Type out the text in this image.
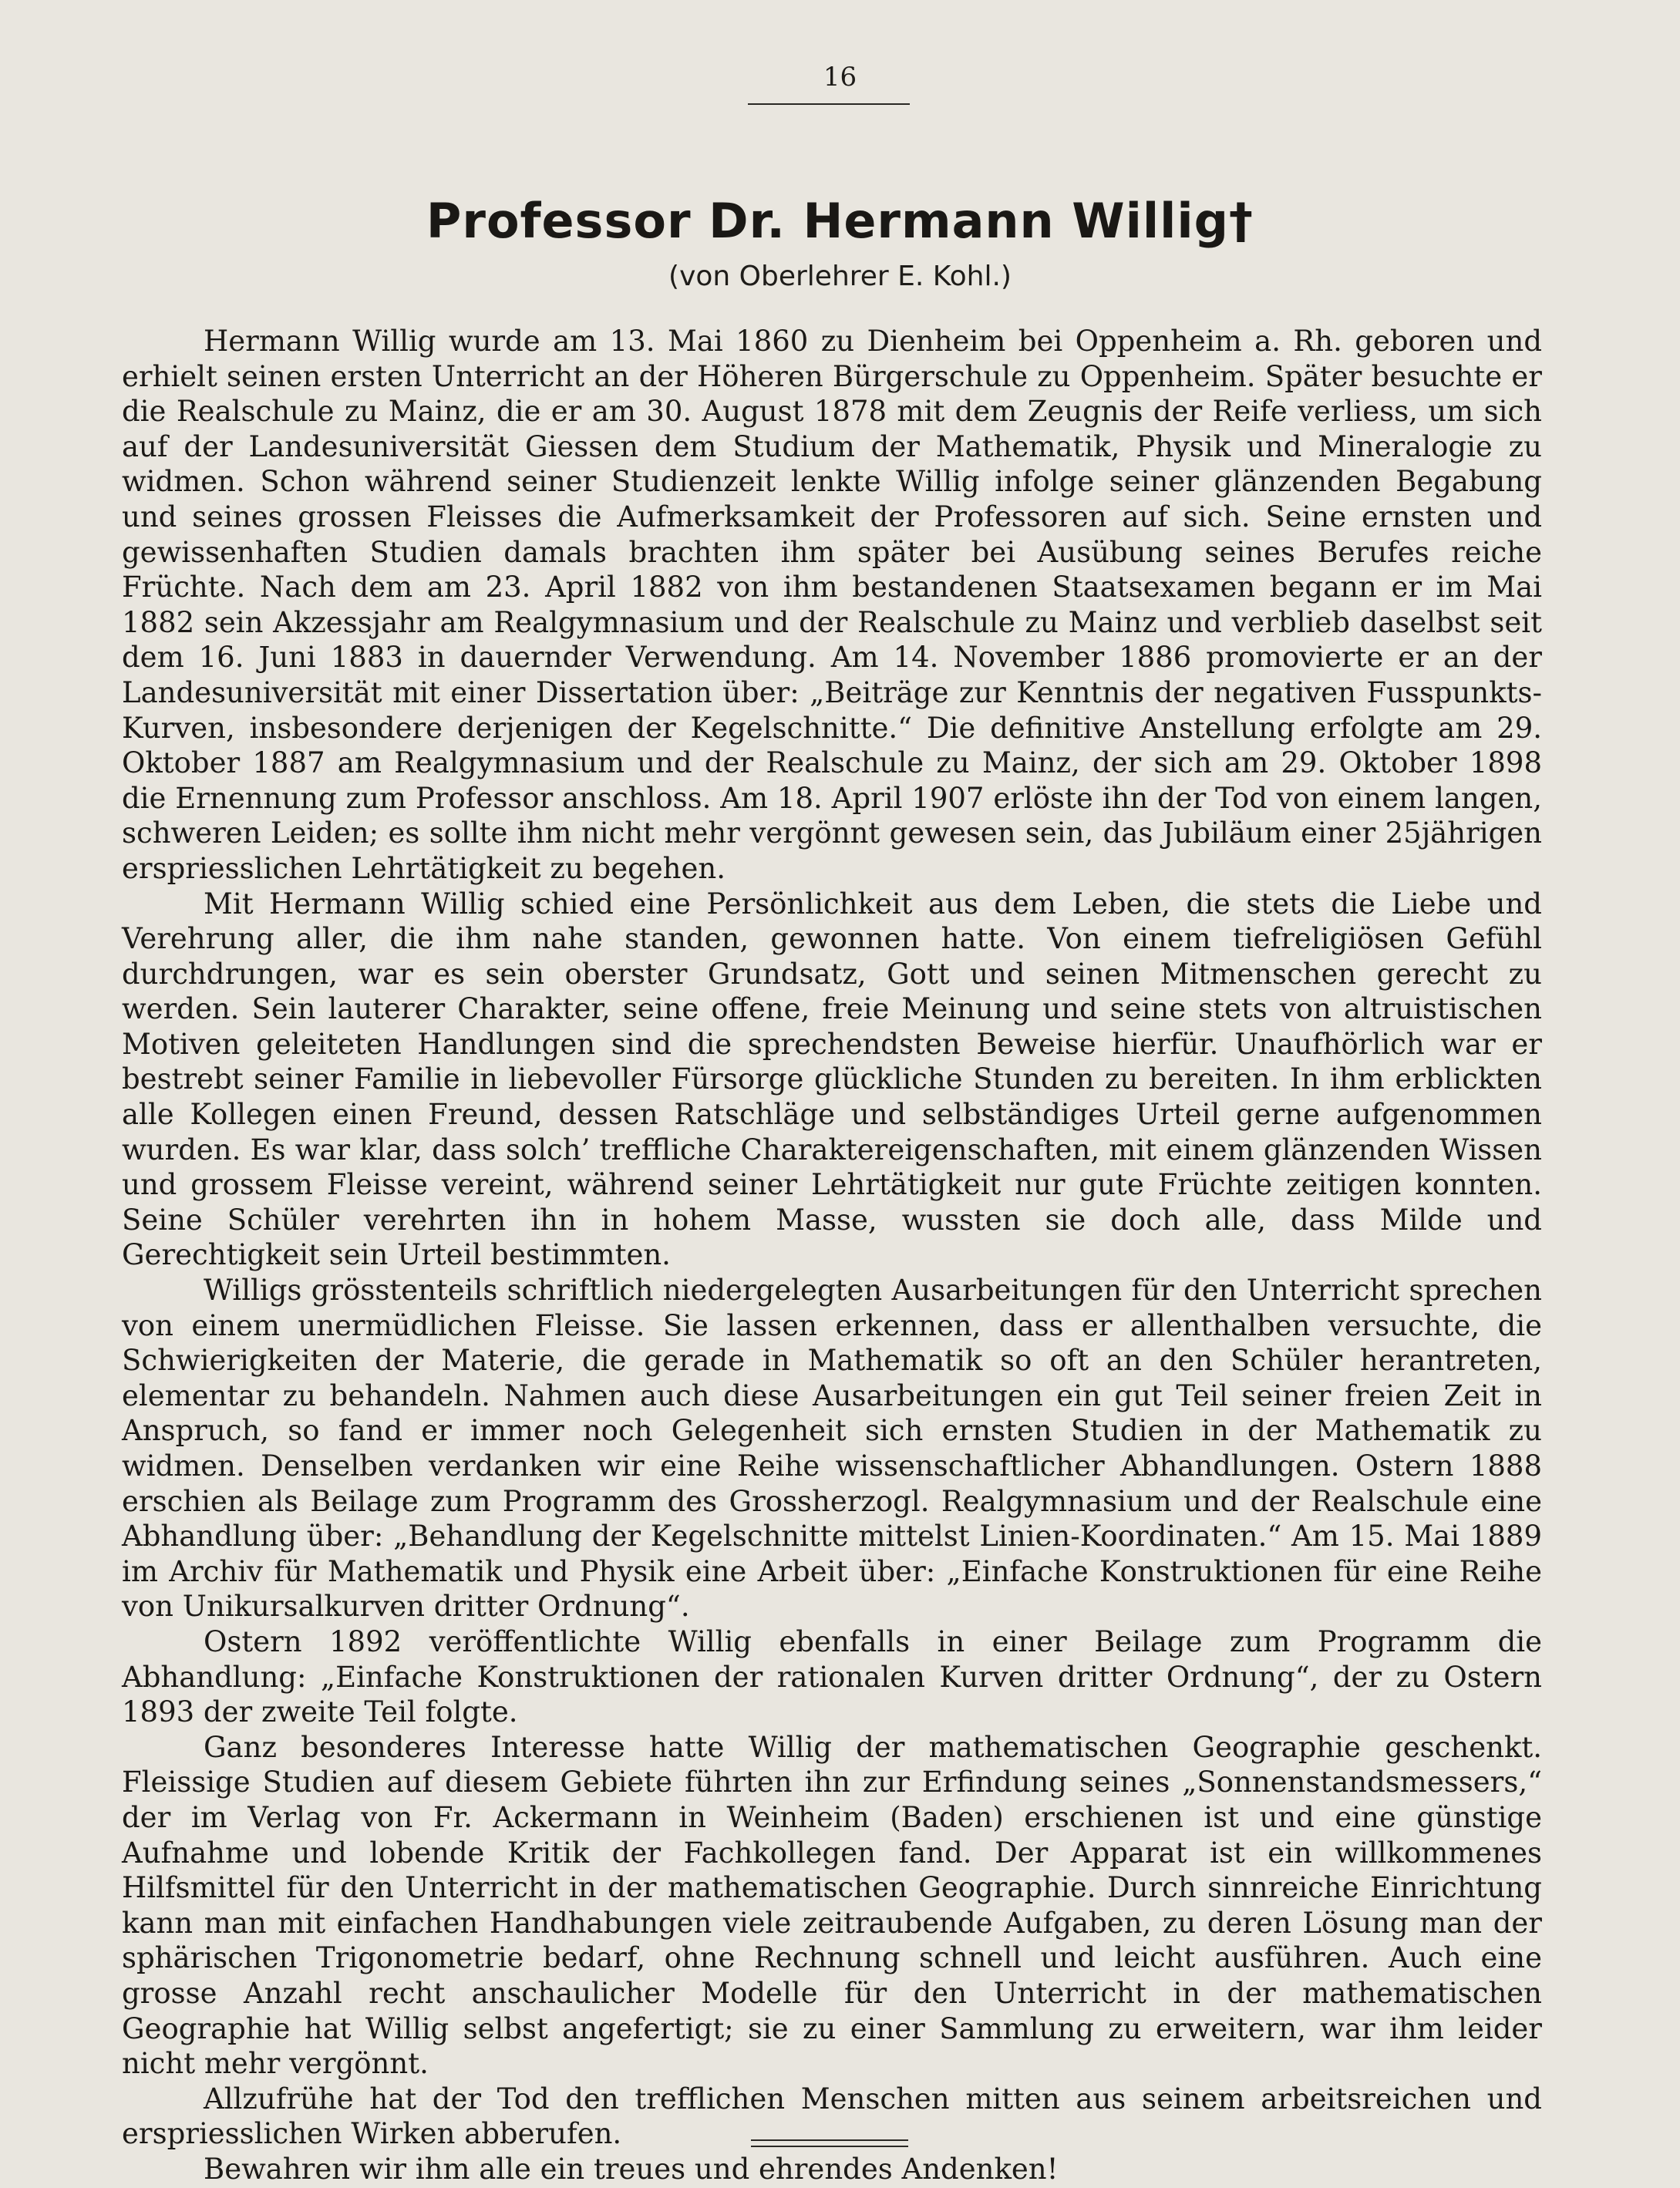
16
Professor Dr. Hermann Willig†
(von Oberlehrer E. Kohl.)

Hermann Willig wurde am 13. Mai 1860 zu Dienheim bei Oppenheim a. Rh. geboren und erhielt seinen ersten Unterricht an der Höheren Bürgerschule zu Oppenheim. Später besuchte er die Realschule zu Mainz, die er am 30. August 1878 mit dem Zeugnis der Reife verliess, um sich auf der Landesuniversität Giessen dem Studium der Mathematik, Physik und Mineralogie zu widmen. Schon während seiner Studienzeit lenkte Willig infolge seiner glänzenden Begabung und seines grossen Fleisses die Aufmerksamkeit der Professoren auf sich. Seine ernsten und gewissenhaften Studien damals brachten ihm später bei Ausübung seines Berufes reiche Früchte. Nach dem am 23. April 1882 von ihm bestandenen Staatsexamen begann er im Mai 1882 sein Akzessjahr am Realgymnasium und der Realschule zu Mainz und verblieb daselbst seit dem 16. Juni 1883 in dauernder Verwendung. Am 14. November 1886 promovierte er an der Landesuniversität mit einer Dissertation über: „Beiträge zur Kenntnis der negativen Fusspunkts-Kurven, insbesondere derjenigen der Kegelschnitte.“ Die definitive Anstellung erfolgte am 29. Oktober 1887 am Realgymnasium und der Realschule zu Mainz, der sich am 29. Oktober 1898 die Ernennung zum Professor anschloss. Am 18. April 1907 erlöste ihn der Tod von einem langen, schweren Leiden; es sollte ihm nicht mehr vergönnt gewesen sein, das Jubiläum einer 25jährigen erspriesslichen Lehrtätigkeit zu begehen.

Mit Hermann Willig schied eine Persönlichkeit aus dem Leben, die stets die Liebe und Verehrung aller, die ihm nahe standen, gewonnen hatte. Von einem tiefreligiösen Gefühl durchdrungen, war es sein oberster Grundsatz, Gott und seinen Mitmenschen gerecht zu werden. Sein lauterer Charakter, seine offene, freie Meinung und seine stets von altruistischen Motiven geleiteten Handlungen sind die sprechendsten Beweise hierfür. Unaufhörlich war er bestrebt seiner Familie in liebevoller Fürsorge glückliche Stunden zu bereiten. In ihm erblickten alle Kollegen einen Freund, dessen Ratschläge und selbständiges Urteil gerne aufgenommen wurden. Es war klar, dass solch’ treffliche Charaktereigenschaften, mit einem glänzenden Wissen und grossem Fleisse vereint, während seiner Lehrtätigkeit nur gute Früchte zeitigen konnten. Seine Schüler verehrten ihn in hohem Masse, wussten sie doch alle, dass Milde und Gerechtigkeit sein Urteil bestimmten.

Willigs grösstenteils schriftlich niedergelegten Ausarbeitungen für den Unterricht sprechen von einem unermüdlichen Fleisse. Sie lassen erkennen, dass er allenthalben versuchte, die Schwierigkeiten der Materie, die gerade in Mathematik so oft an den Schüler herantreten, elementar zu behandeln. Nahmen auch diese Ausarbeitungen ein gut Teil seiner freien Zeit in Anspruch, so fand er immer noch Gelegenheit sich ernsten Studien in der Mathematik zu widmen. Denselben verdanken wir eine Reihe wissenschaftlicher Abhandlungen. Ostern 1888 erschien als Beilage zum Programm des Grossherzogl. Realgymnasium und der Realschule eine Abhandlung über: „Behandlung der Kegelschnitte mittelst Linien-Koordinaten.“ Am 15. Mai 1889 im Archiv für Mathematik und Physik eine Arbeit über: „Einfache Konstruktionen für eine Reihe von Unikursalkurven dritter Ordnung“.

Ostern 1892 veröffentlichte Willig ebenfalls in einer Beilage zum Programm die Abhandlung: „Einfache Konstruktionen der rationalen Kurven dritter Ordnung“, der zu Ostern 1893 der zweite Teil folgte.

Ganz besonderes Interesse hatte Willig der mathematischen Geographie geschenkt. Fleissige Studien auf diesem Gebiete führten ihn zur Erfindung seines „Sonnenstandsmessers,“ der im Verlag von Fr. Ackermann in Weinheim (Baden) erschienen ist und eine günstige Aufnahme und lobende Kritik der Fachkollegen fand. Der Apparat ist ein willkommenes Hilfsmittel für den Unterricht in der mathematischen Geographie. Durch sinnreiche Einrichtung kann man mit einfachen Handhabungen viele zeitraubende Aufgaben, zu deren Lösung man der sphärischen Trigonometrie bedarf, ohne Rechnung schnell und leicht ausführen. Auch eine grosse Anzahl recht anschaulicher Modelle für den Unterricht in der mathematischen Geographie hat Willig selbst angefertigt; sie zu einer Sammlung zu erweitern, war ihm leider nicht mehr vergönnt.

Allzufrühe hat der Tod den trefflichen Menschen mitten aus seinem arbeitsreichen und erspriesslichen Wirken abberufen.

Bewahren wir ihm alle ein treues und ehrendes Andenken!
